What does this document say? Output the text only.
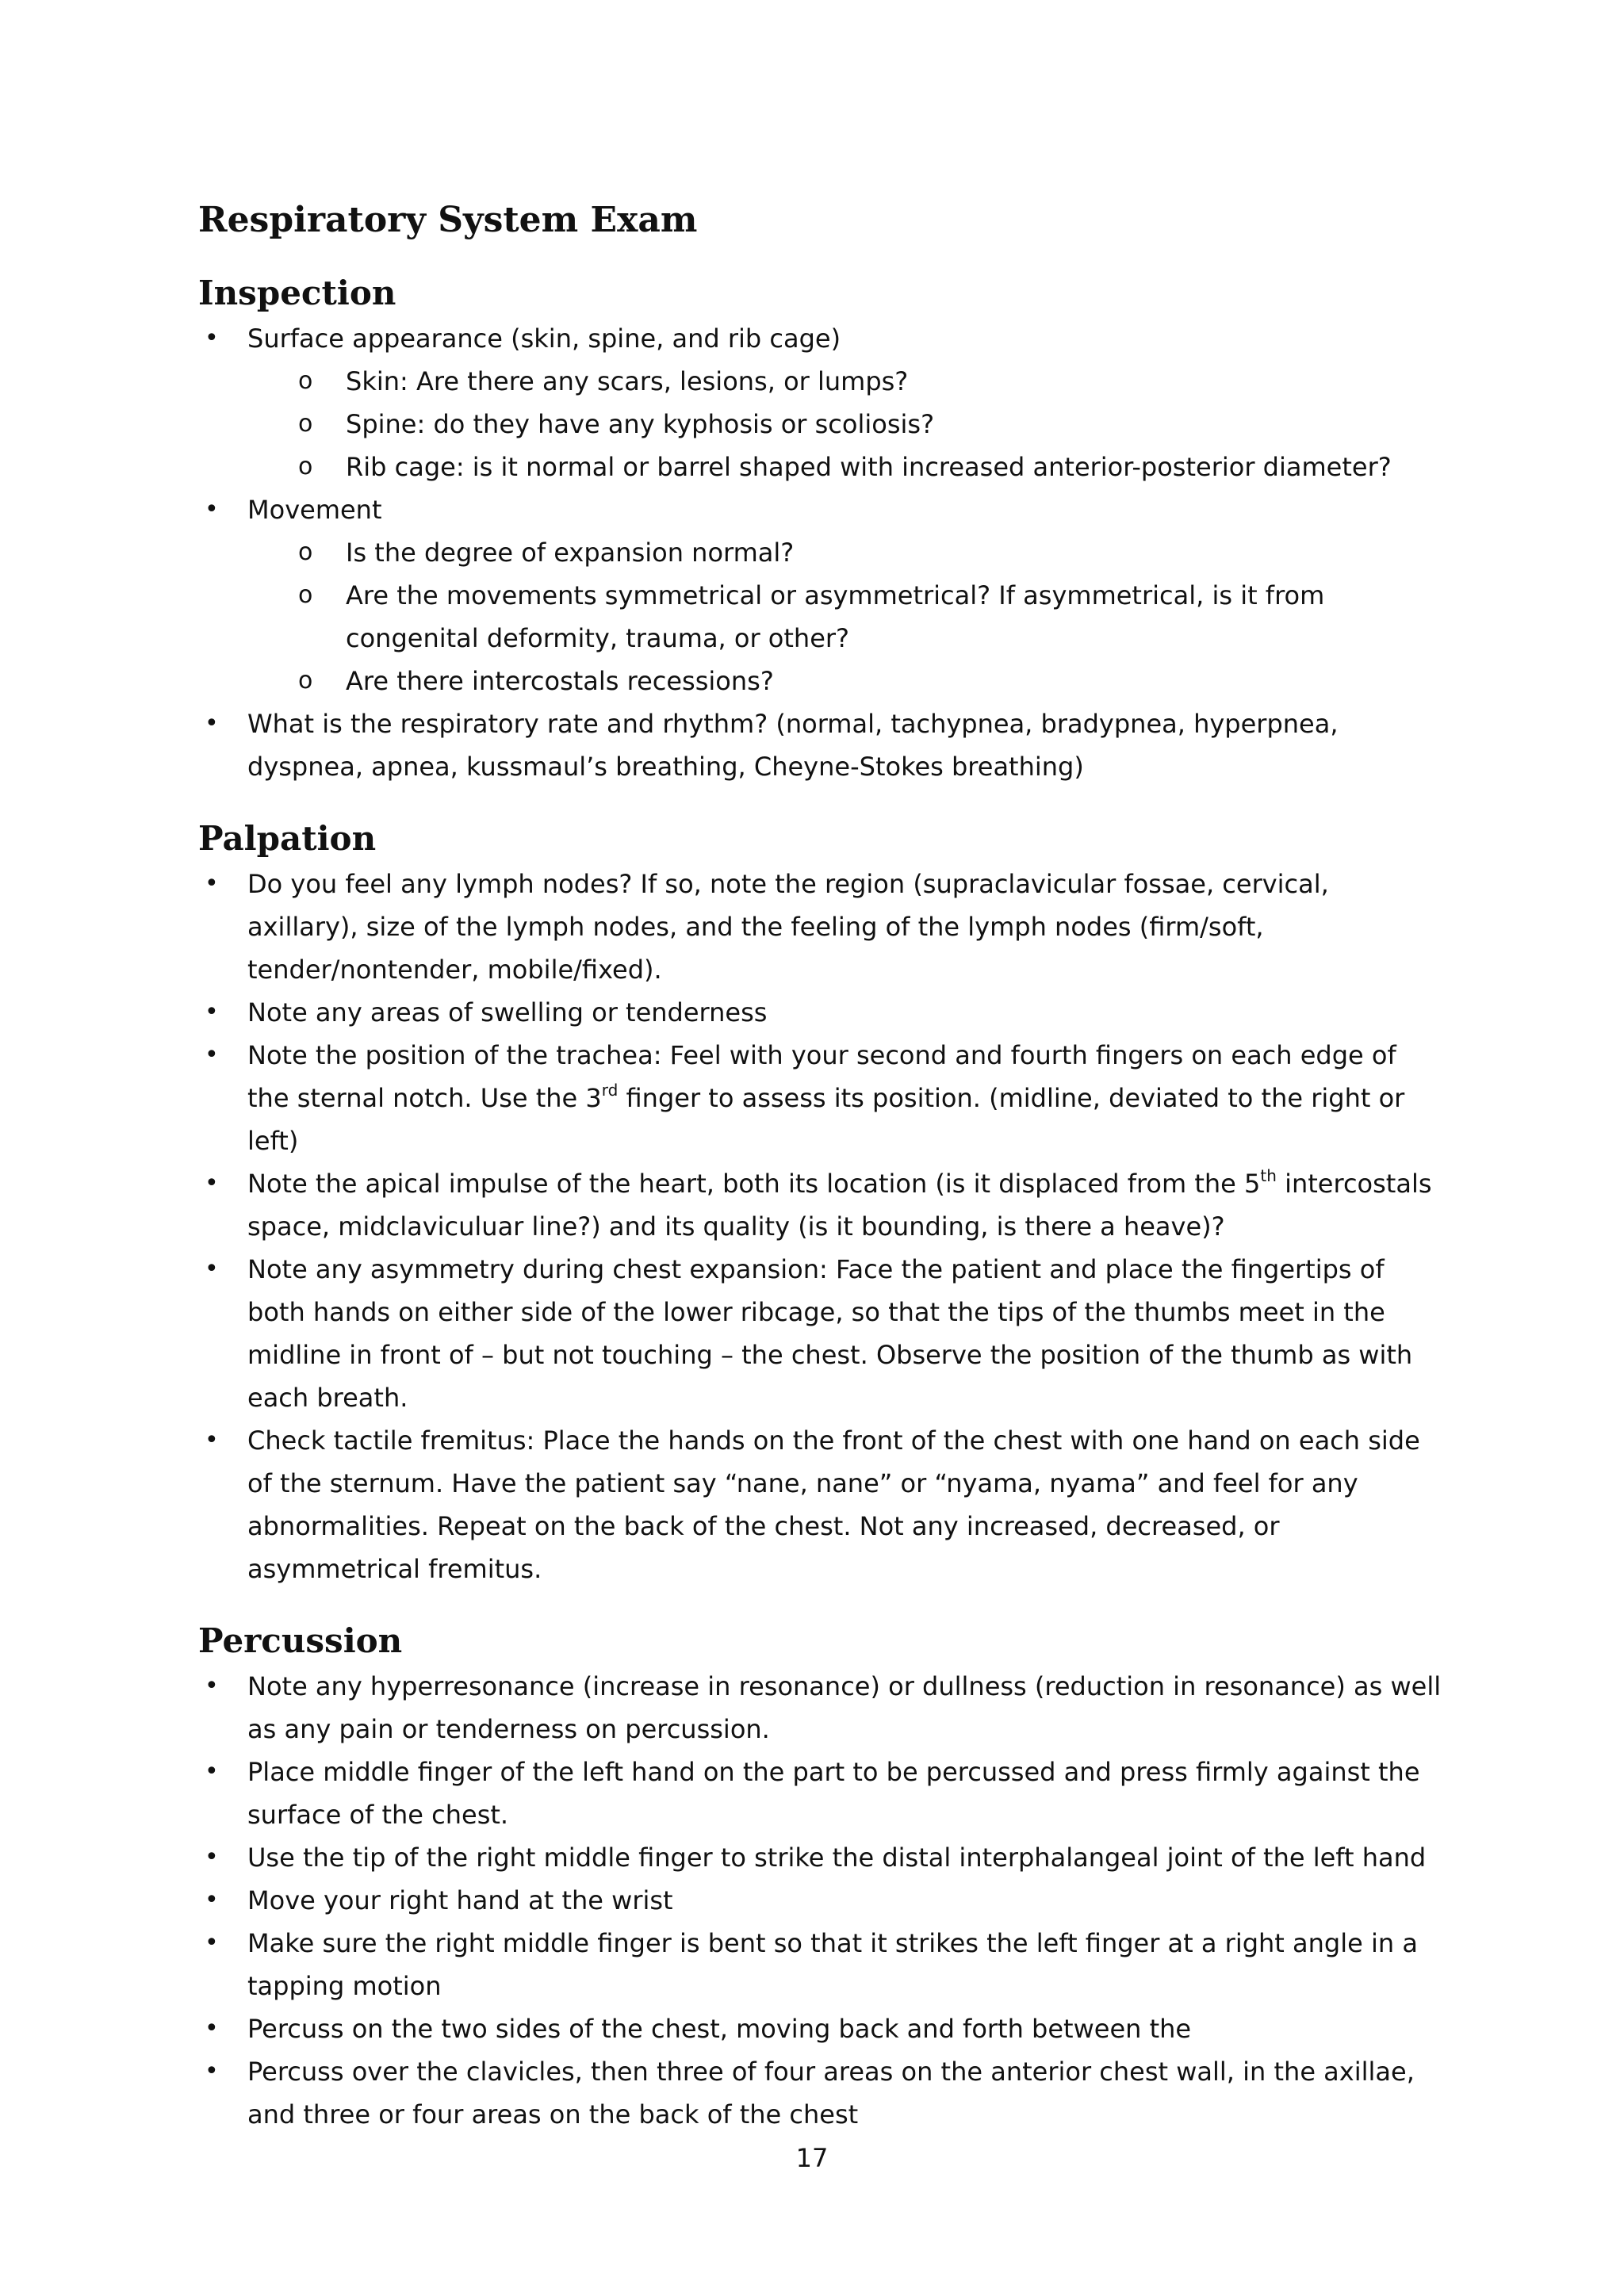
Respiratory System Exam
Inspection
• Surface appearance (skin, spine, and rib cage)
o Skin: Are there any scars, lesions, or lumps?
o Spine: do they have any kyphosis or scoliosis?
o Rib cage: is it normal or barrel shaped with increased anterior-posterior diameter?
• Movement
o Is the degree of expansion normal?
o Are the movements symmetrical or asymmetrical? If asymmetrical, is it from congenital deformity, trauma, or other?
o Are there intercostals recessions?
• What is the respiratory rate and rhythm? (normal, tachypnea, bradypnea, hyperpnea, dyspnea, apnea, kussmaul’s breathing, Cheyne-Stokes breathing)
Palpation
• Do you feel any lymph nodes? If so, note the region (supraclavicular fossae, cervical, axillary), size of the lymph nodes, and the feeling of the lymph nodes (firm/soft, tender/nontender, mobile/fixed).
• Note any areas of swelling or tenderness
• Note the position of the trachea: Feel with your second and fourth fingers on each edge of the sternal notch. Use the 3rd finger to assess its position. (midline, deviated to the right or left)
• Note the apical impulse of the heart, both its location (is it displaced from the 5th intercostals space, midclaviculuar line?) and its quality (is it bounding, is there a heave)?
• Note any asymmetry during chest expansion: Face the patient and place the fingertips of both hands on either side of the lower ribcage, so that the tips of the thumbs meet in the midline in front of – but not touching – the chest. Observe the position of the thumb as with each breath.
• Check tactile fremitus: Place the hands on the front of the chest with one hand on each side of the sternum. Have the patient say “nane, nane” or “nyama, nyama” and feel for any abnormalities. Repeat on the back of the chest. Not any increased, decreased, or asymmetrical fremitus.
Percussion
• Note any hyperresonance (increase in resonance) or dullness (reduction in resonance) as well as any pain or tenderness on percussion.
• Place middle finger of the left hand on the part to be percussed and press firmly against the surface of the chest.
• Use the tip of the right middle finger to strike the distal interphalangeal joint of the left hand
• Move your right hand at the wrist
• Make sure the right middle finger is bent so that it strikes the left finger at a right angle in a tapping motion
• Percuss on the two sides of the chest, moving back and forth between the
• Percuss over the clavicles, then three of four areas on the anterior chest wall, in the axillae, and three or four areas on the back of the chest
17
